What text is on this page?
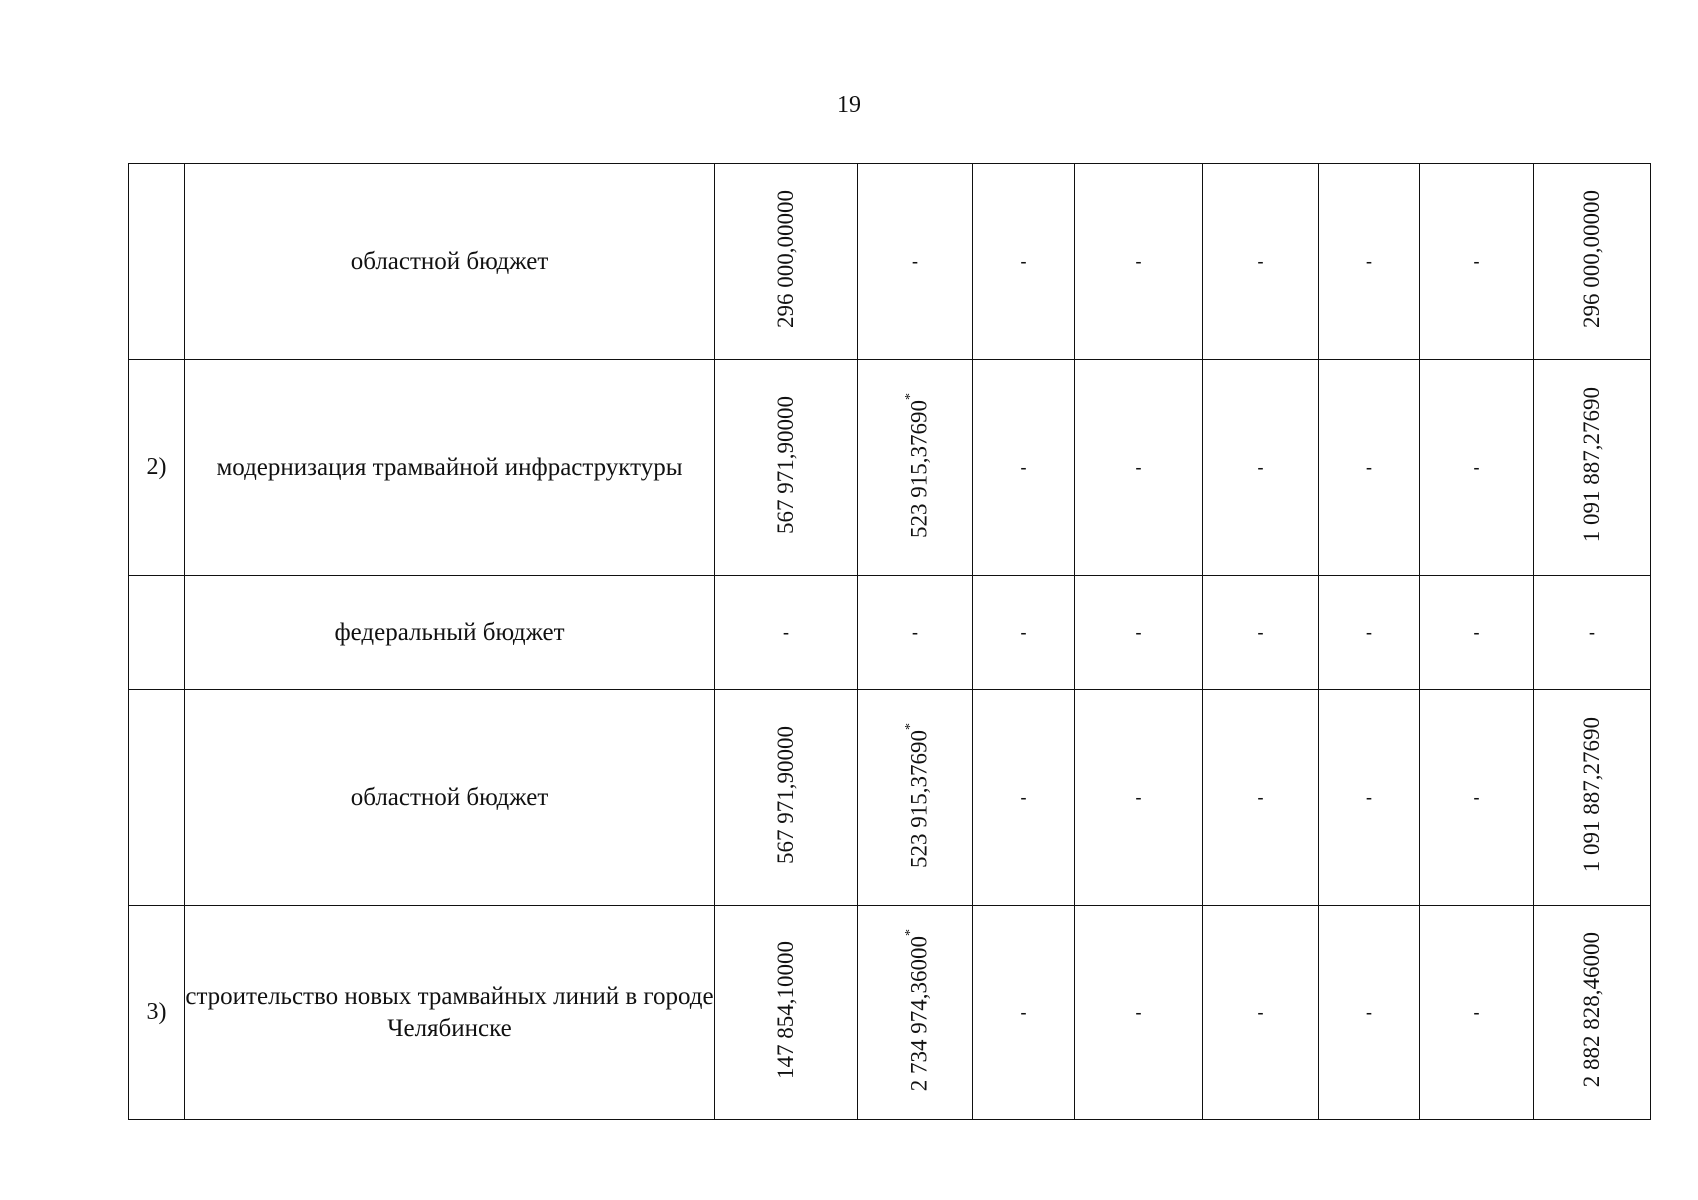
19
	областной бюджет	296 000,00000	-	-	-	-	-	-	296 000,00000
2)	модернизация трамвайной инфраструктуры	567 971,90000	523 915,37690*	-	-	-	-	-	1 091 887,27690
	федеральный бюджет	-	-	-	-	-	-	-	-
	областной бюджет	567 971,90000	523 915,37690*	-	-	-	-	-	1 091 887,27690
3)	строительство новых трамвайных линий в городе Челябинске	147 854,10000	2 734 974,36000*	-	-	-	-	-	2 882 828,46000
